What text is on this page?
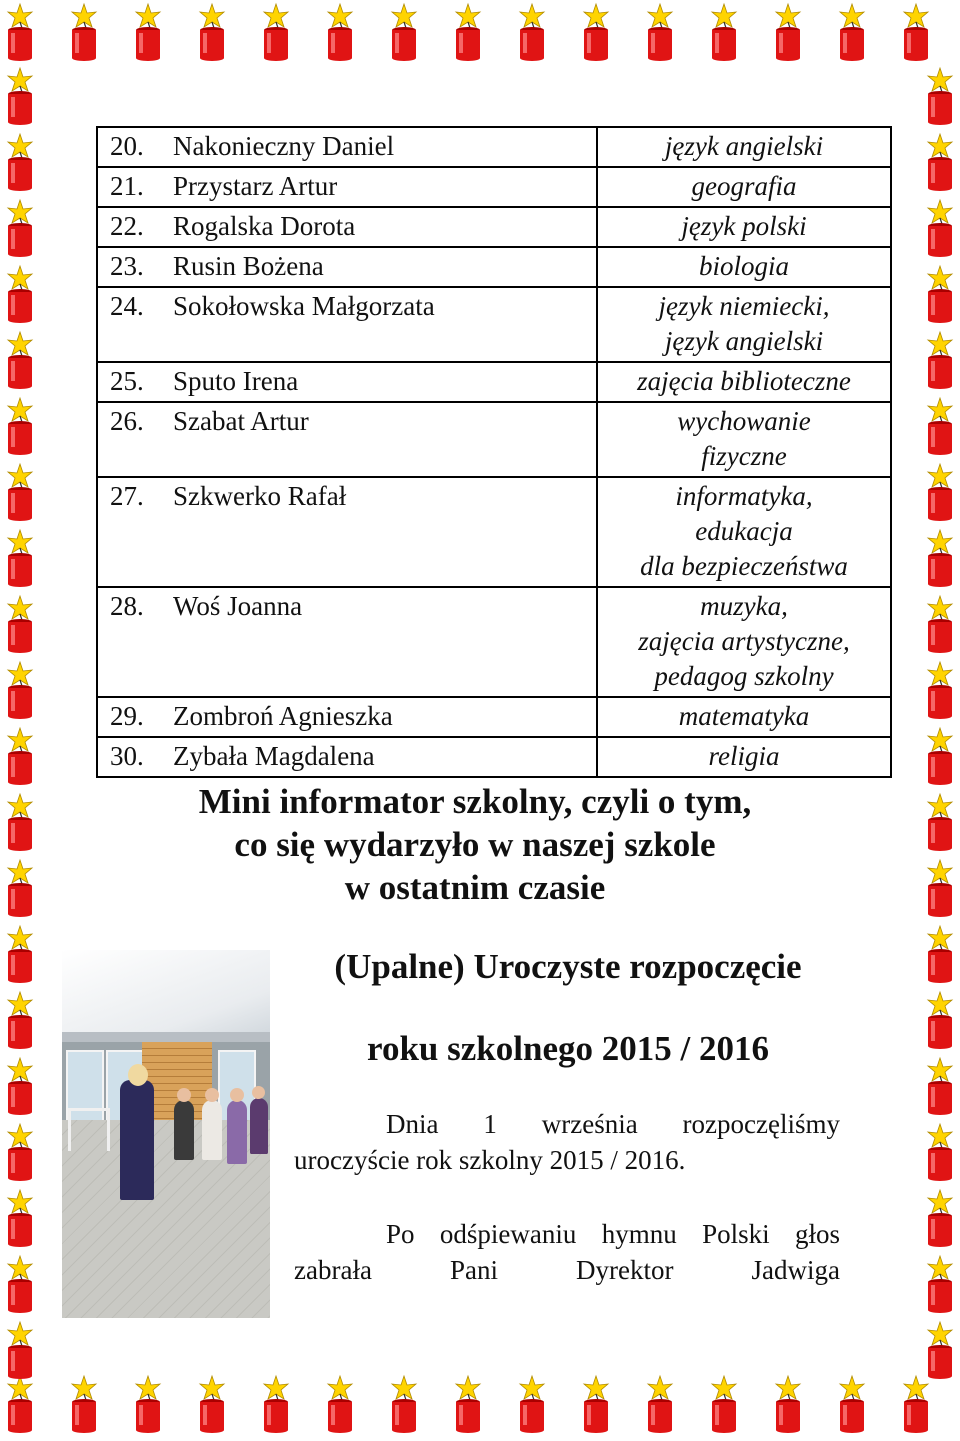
20.	Nakonieczny Daniel	język angielski

21.	Przystarz Artur	geografia

22.	Rogalska Dorota	język polski

23.	Rusin Bożena	biologia

24.	Sokołowska Małgorzata	język niemiecki,
język angielski

25.	Sputo Irena	zajęcia biblioteczne

26.	Szabat Artur	wychowanie
fizyczne

27.	Szkwerko Rafał	informatyka,
edukacja
dla bezpieczeństwa

28.	Woś Joanna	muzyka,
zajęcia artystyczne,
pedagog szkolny

29.	Zombroń Agnieszka	matematyka

30.	Zybała Magdalena	religia
Mini informator szkolny, czyli o tym,
co się wydarzyło w naszej szkole
w ostatnim czasie
(Upalne) Uroczyste rozpoczęcie
roku szkolnego 2015 / 2016
Dnia 1 września rozpoczęliśmy
uroczyście rok szkolny 2015 / 2016.
Po odśpiewaniu hymnu Polski głos
zabrała Pani Dyrektor Jadwiga
